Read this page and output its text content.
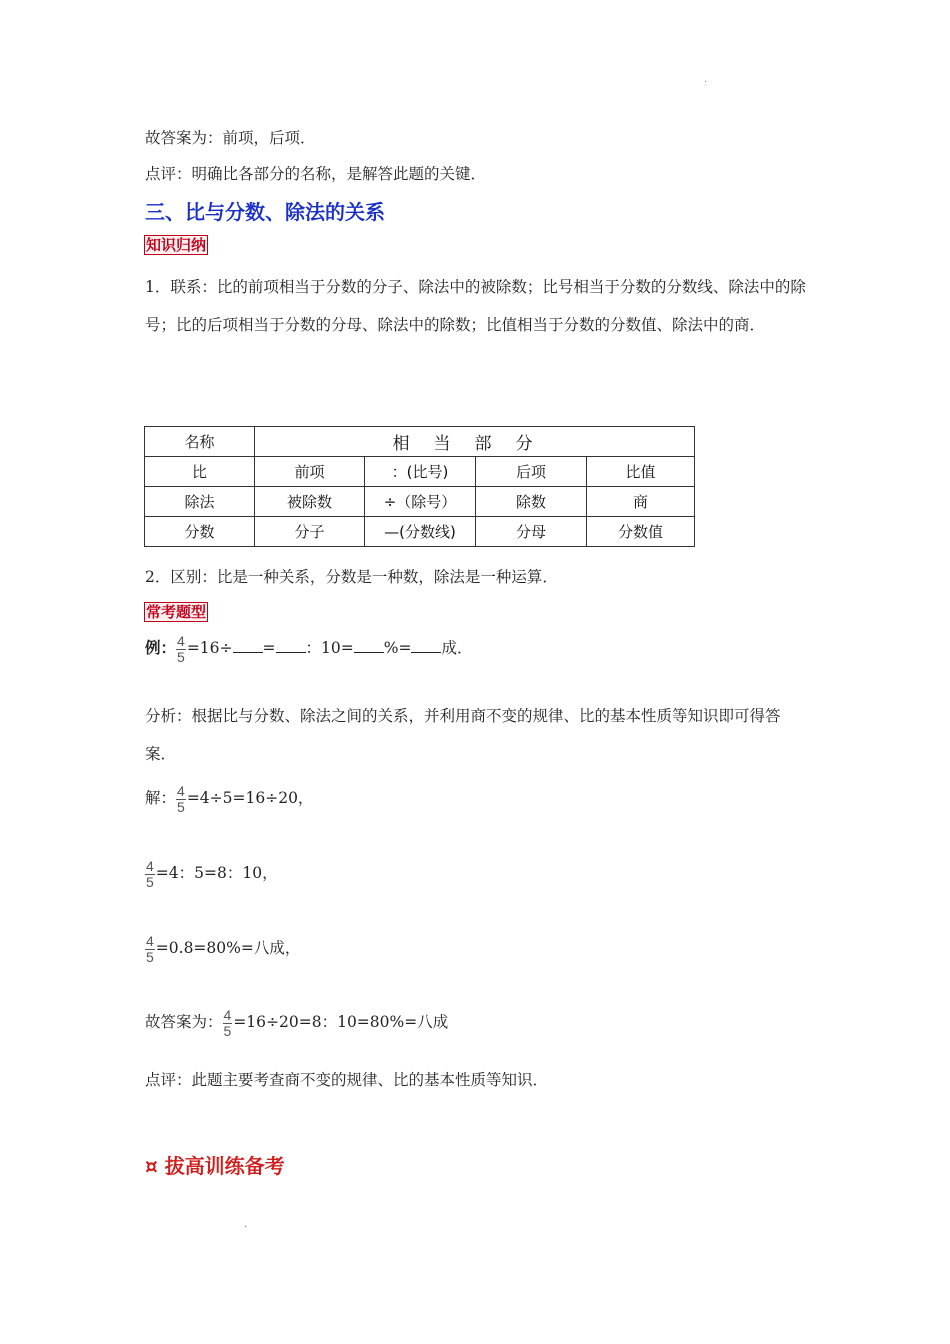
.
故答案为：前项，后项．
点评：明确比各部分的名称，是解答此题的关键．
三、比与分数、除法的关系
知识归纳
1．联系：比的前项相当于分数的分子、除法中的被除数；比号相当于分数的分数线、除法中的除号；比的后项相当于分数的分母、除法中的除数；比值相当于分数的分数值、除法中的商．
名称	相当部分			
比	前项	：(比号)	后项	比值
除法	被除数	÷（除号）	除数	商
分数	分子	—(分数线)	分母	分数值
2．区别：比是一种关系，分数是一种数，除法是一种运算．
常考题型
例： $\frac{4}{5} =16\div$ = ：10= %= 成．
分析：根据比与分数、除法之间的关系，并利用商不变的规律、比的基本性质等知识即可得答案．
解： $\frac{4}{5} =4\div 5=16\div 20$，
$\frac{4}{5} =4$：5=8：10，
$\frac{4}{5} =0.8=80\%=$八成，
故答案为： $\frac{4}{5} =16\div 20=8$：10=80%=八成
点评：此题主要考查商不变的规律、比的基本性质等知识．
¤ 拔高训练备考
.
